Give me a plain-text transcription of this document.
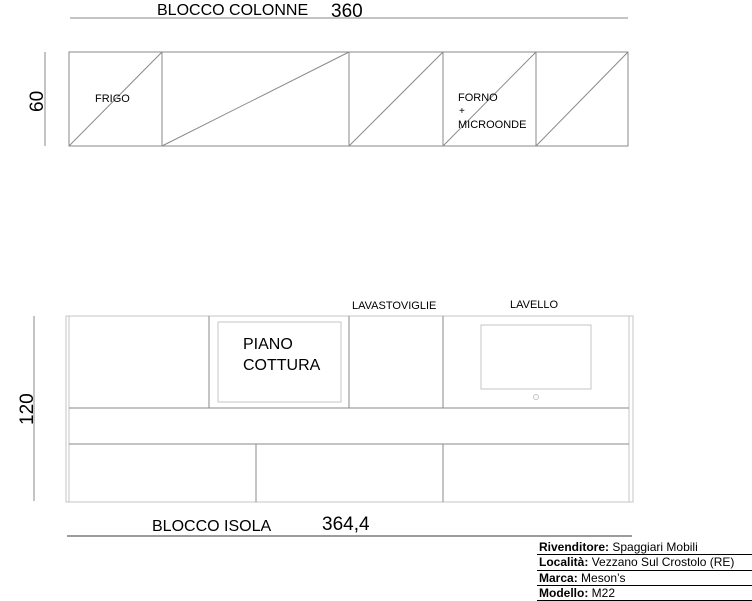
BLOCCO COLONNE 360
60	FRIGO	FORNO
+
MICROONDE
LAVASTOVIGLIE	LAVELLO
120
PIANO
COTTURA
BLOCCO ISOLA	364,4
Rivenditore: Spaggiari Mobili
Località: Vezzano Sul Crostolo (RE)
Marca: Meson’s
Modello: M22
